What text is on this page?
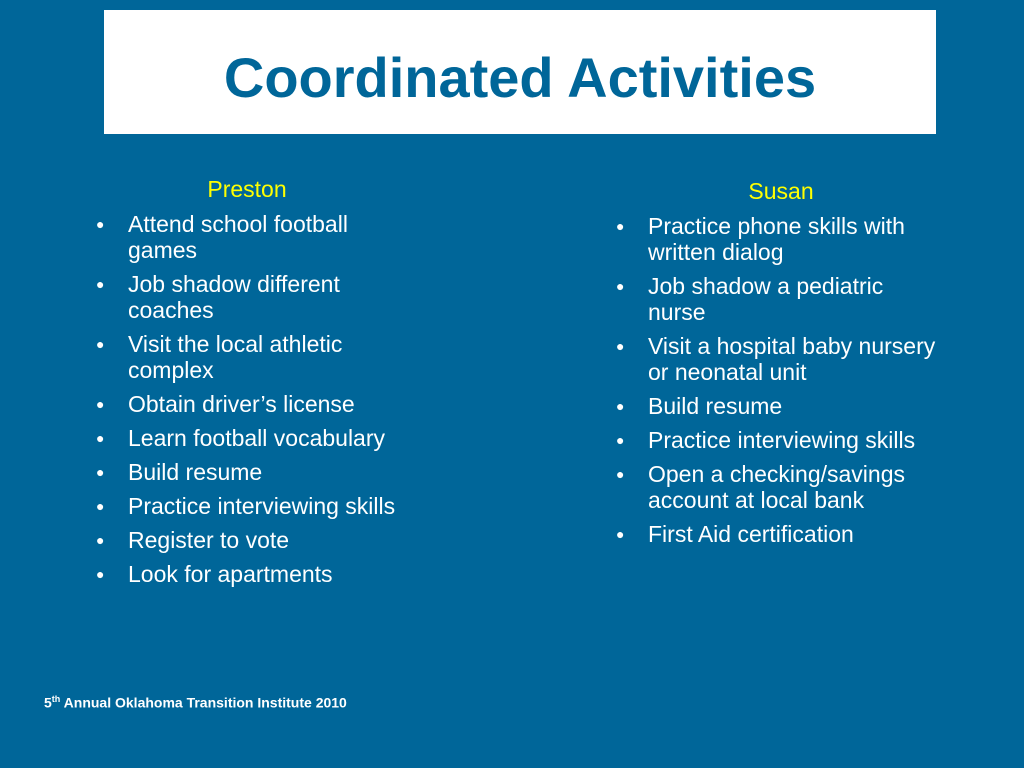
Coordinated Activities
Preston
● Attend school football games
● Job shadow different coaches
● Visit the local athletic complex
● Obtain driver’s license
● Learn football vocabulary
● Build resume
● Practice interviewing skills
● Register to vote
● Look for apartments
Susan
● Practice phone skills with written dialog
● Job shadow a pediatric nurse
● Visit a hospital baby nursery or neonatal unit
● Build resume
● Practice interviewing skills
● Open a checking/savings account at local bank
● First Aid certification
5th Annual Oklahoma Transition Institute 2010
